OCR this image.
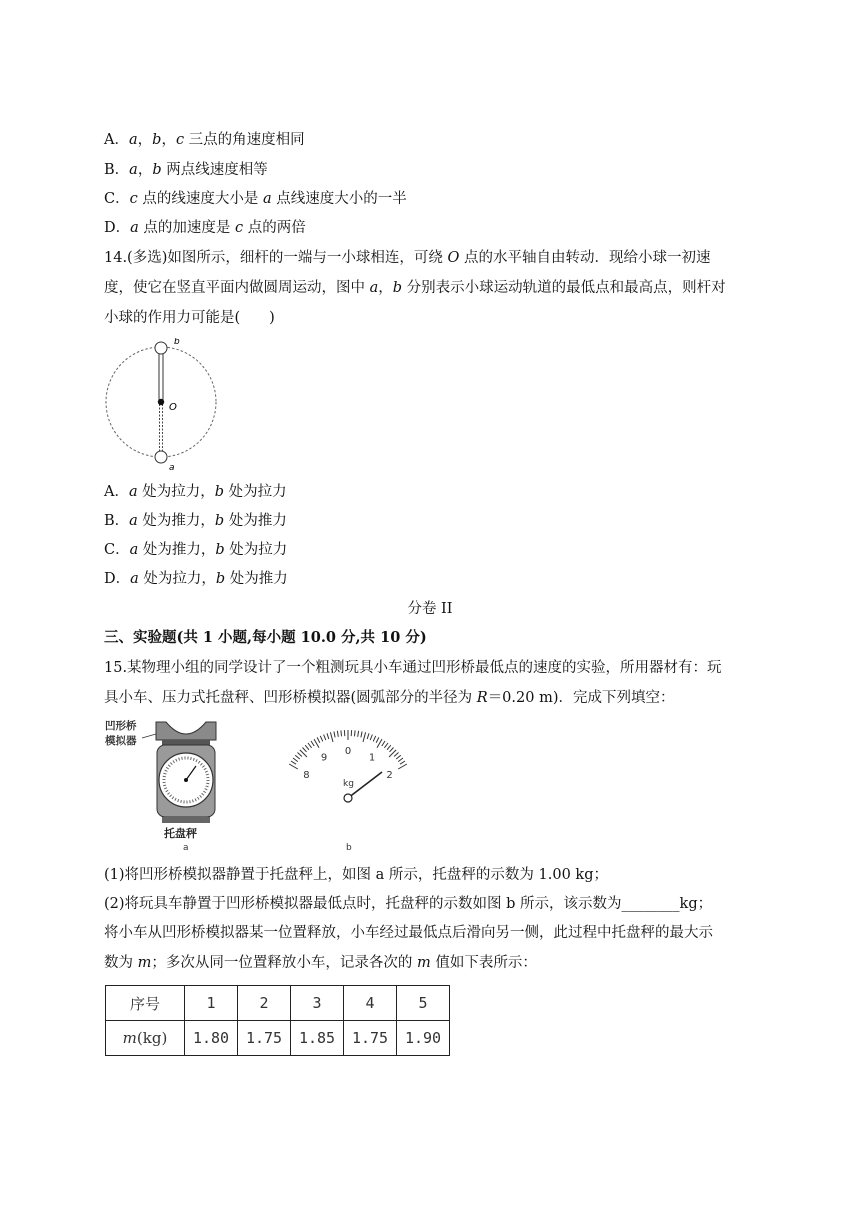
A．a，b，c 三点的角速度相同
B．a，b 两点线速度相等
C．c 点的线速度大小是 a 点线速度大小的一半
D．a 点的加速度是 c 点的两倍
14.(多选)如图所示，细杆的一端与一小球相连，可绕 O 点的水平轴自由转动．现给小球一初速
度，使它在竖直平面内做圆周运动，图中 a，b 分别表示小球运动轨道的最低点和最高点，则杆对
小球的作用力可能是(　　)
b
O
a
A．a 处为拉力，b 处为拉力
B．a 处为推力，b 处为推力
C．a 处为推力，b 处为拉力
D．a 处为拉力，b 处为推力
分卷 II
三、实验题(共 1 小题,每小题 10.0 分,共 10 分)
15.某物理小组的同学设计了一个粗测玩具小车通过凹形桥最低点的速度的实验，所用器材有：玩
具小车、压力式托盘秤、凹形桥模拟器(圆弧部分的半径为 R＝0.20 m)．完成下列填空：
凹形桥
模拟器
托盘秤
a
8
9
0
1
2
kg
b
(1)将凹形桥模拟器静置于托盘秤上，如图 a 所示，托盘秤的示数为 1.00 kg；
(2)将玩具车静置于凹形桥模拟器最低点时，托盘秤的示数如图 b 所示，该示数为________kg；
将小车从凹形桥模拟器某一位置释放，小车经过最低点后滑向另一侧，此过程中托盘秤的最大示
数为 m；多次从同一位置释放小车，记录各次的 m 值如下表所示：
序号	1	2	3	4	5
m(kg)	1.80	1.75	1.85	1.75	1.90
